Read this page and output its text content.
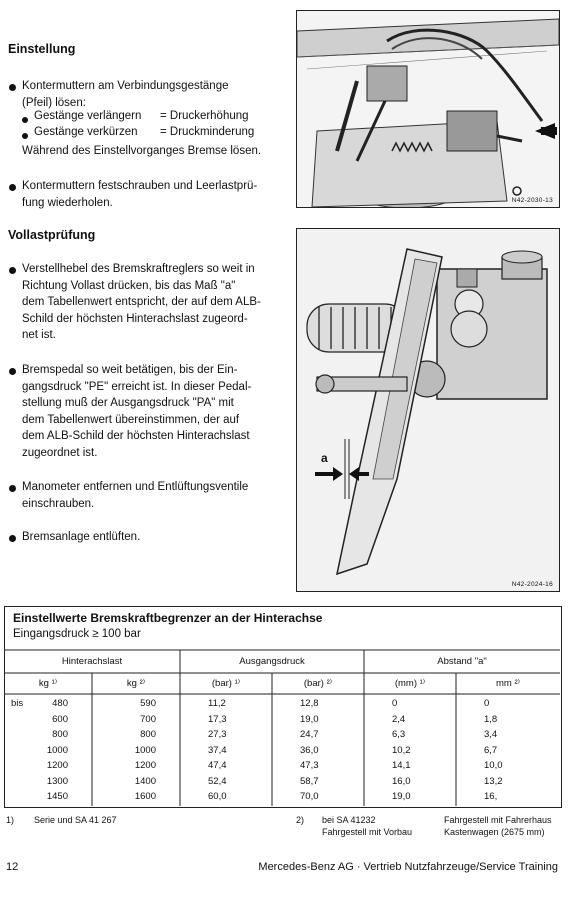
Einstellung
Kontermuttern am Verbindungsgestänge
(Pfeil) lösen:
Gestänge verlängern = Druckerhöhung
Gestänge verkürzen = Druckminderung
Während des Einstellvorganges Bremse lösen.
Kontermuttern festschrauben und Leerlastprü-
fung wiederholen.
Vollastprüfung
Verstellhebel des Bremskraftreglers so weit in
Richtung Vollast drücken, bis das Maß "a"
dem Tabellenwert entspricht, der auf dem ALB-
Schild der höchsten Hinterachslast zugeord-
net ist.
Bremspedal so weit betätigen, bis der Ein-
gangsdruck "PE" erreicht ist. In dieser Pedal-
stellung muß der Ausgangsdruck "PA" mit
dem Tabellenwert übereinstimmen, der auf
dem ALB-Schild der höchsten Hinterachslast
zugeordnet ist.
Manometer entfernen und Entlüftungsventile
einschrauben.
Bremsanlage entlüften.
N42-2030-13
a
N42-2024-16
Einstellwerte Bremskraftbegrenzer an der Hinterachse
Eingangsdruck ≥ 100 bar
Hinterachslast	Ausgangsdruck	Abstand "a"
kg ¹⁾	kg ²⁾	(bar) ¹⁾	(bar) ²⁾	(mm) ¹⁾	mm ²⁾
bis	480	590	11,2	12,8	0	0
600	700	17,3	19,0	2,4	1,8
800	800	27,3	24,7	6,3	3,4
1000	1000	37,4	36,0	10,2	6,7
1200	1200	47,4	47,3	14,1	10,0
1300	1400	52,4	58,7	16,0	13,2
1450	1600	60,0	70,0	19,0	16,
1) Serie und SA 41 267	2) bei SA 41232
Fahrgestell mit Vorbau
Fahrgestell mit Fahrerhaus
Kastenwagen (2675 mm)
12	Mercedes-Benz AG · Vertrieb Nutzfahrzeuge/Service Training
